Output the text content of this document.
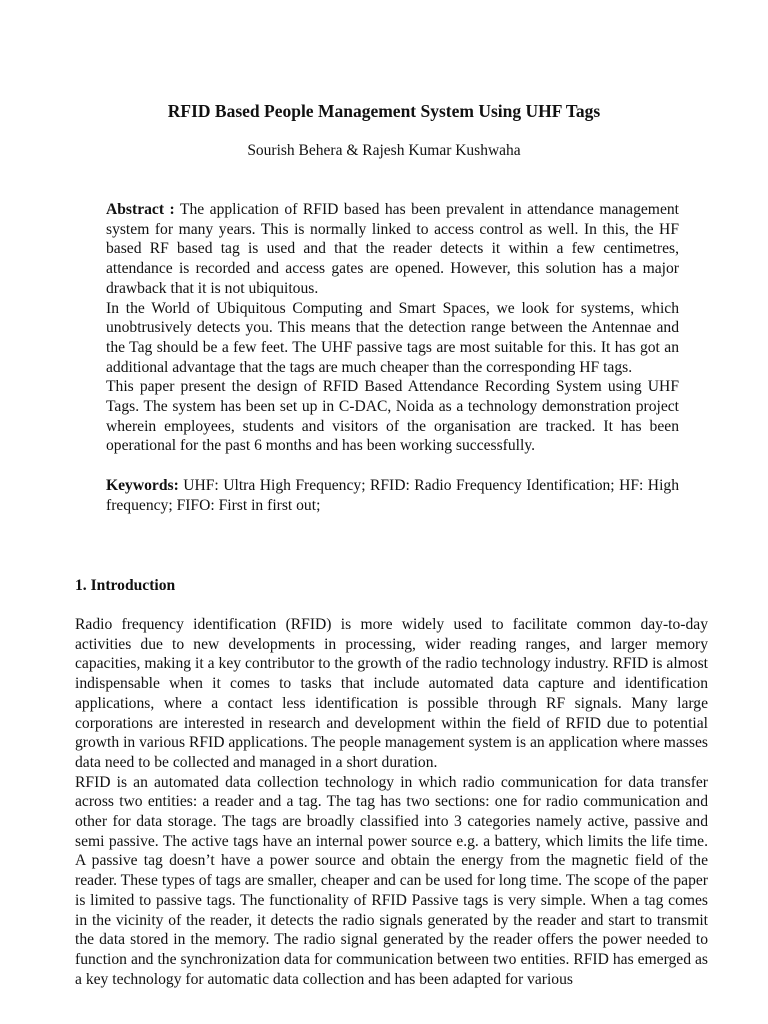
RFID Based People Management System Using UHF Tags
Sourish Behera & Rajesh Kumar Kushwaha

Abstract : The application of RFID based has been prevalent in attendance management system for many years. This is normally linked to access control as well. In this, the HF based RF based tag is used and that the reader detects it within a few centimetres, attendance is recorded and access gates are opened. However, this solution has a major drawback that it is not ubiquitous.

In the World of Ubiquitous Computing and Smart Spaces, we look for systems, which unobtrusively detects you. This means that the detection range between the Antennae and the Tag should be a few feet. The UHF passive tags are most suitable for this. It has got an additional advantage that the tags are much cheaper than the corresponding HF tags.

This paper present the design of RFID Based Attendance Recording System using UHF Tags. The system has been set up in C-DAC, Noida as a technology demonstration project wherein employees, students and visitors of the organisation are tracked. It has been operational for the past 6 months and has been working successfully.

Keywords: UHF: Ultra High Frequency; RFID: Radio Frequency Identification; HF: High frequency; FIFO: First in first out;

1. Introduction

Radio frequency identification (RFID) is more widely used to facilitate common day-to-day activities due to new developments in processing, wider reading ranges, and larger memory capacities, making it a key contributor to the growth of the radio technology industry. RFID is almost indispensable when it comes to tasks that include automated data capture and identification applications, where a contact less identification is possible through RF signals. Many large corporations are interested in research and development within the field of RFID due to potential growth in various RFID applications. The people management system is an application where masses data need to be collected and managed in a short duration.

RFID is an automated data collection technology in which radio communication for data transfer across two entities: a reader and a tag. The tag has two sections: one for radio communication and other for data storage. The tags are broadly classified into 3 categories namely active, passive and semi passive. The active tags have an internal power source e.g. a battery, which limits the life time. A passive tag doesn’t have a power source and obtain the energy from the magnetic field of the reader. These types of tags are smaller, cheaper and can be used for long time. The scope of the paper is limited to passive tags. The functionality of RFID Passive tags is very simple. When a tag comes in the vicinity of the reader, it detects the radio signals generated by the reader and start to transmit the data stored in the memory. The radio signal generated by the reader offers the power needed to function and the synchronization data for communication between two entities. RFID has emerged as a key technology for automatic data collection and has been adapted for various
